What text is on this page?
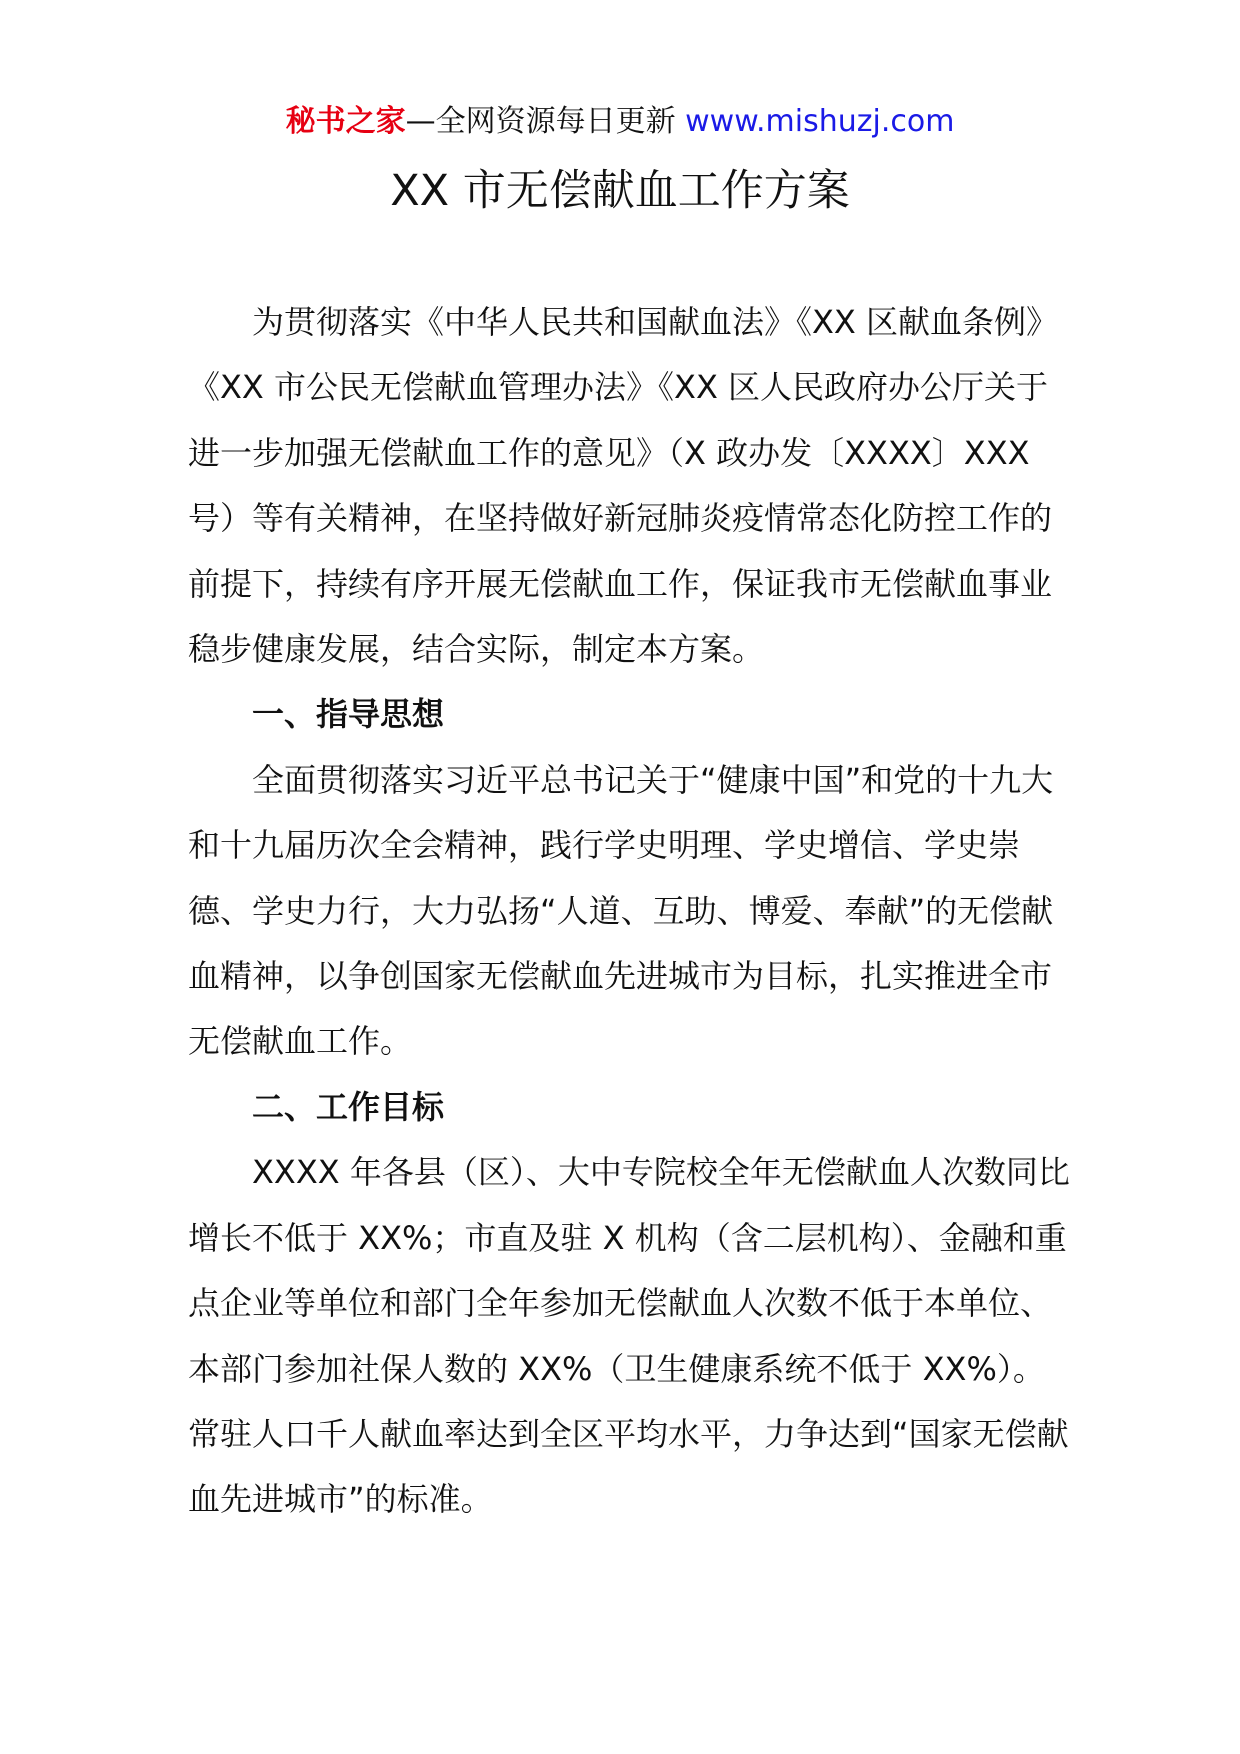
秘书之家—全网资源每日更新 www.mishuzj.com
XX 市无偿献血工作方案

为贯彻落实《中华人民共和国献血法》《XX 区献血条例》《XX 市公民无偿献血管理办法》《XX 区人民政府办公厅关于进一步加强无偿献血工作的意见》（X 政办发〔XXXX〕XXX 号）等有关精神，在坚持做好新冠肺炎疫情常态化防控工作的前提下，持续有序开展无偿献血工作，保证我市无偿献血事业稳步健康发展，结合实际，制定本方案。

一、指导思想

全面贯彻落实习近平总书记关于“健康中国”和党的十九大和十九届历次全会精神，践行学史明理、学史增信、学史崇德、学史力行，大力弘扬“人道、互助、博爱、奉献”的无偿献血精神，以争创国家无偿献血先进城市为目标，扎实推进全市无偿献血工作。

二、工作目标

XXXX 年各县（区）、大中专院校全年无偿献血人次数同比增长不低于 XX%；市直及驻 X 机构（含二层机构）、金融和重点企业等单位和部门全年参加无偿献血人次数不低于本单位、本部门参加社保人数的 XX%（卫生健康系统不低于 XX%）。常驻人口千人献血率达到全区平均水平，力争达到“国家无偿献血先进城市”的标准。
